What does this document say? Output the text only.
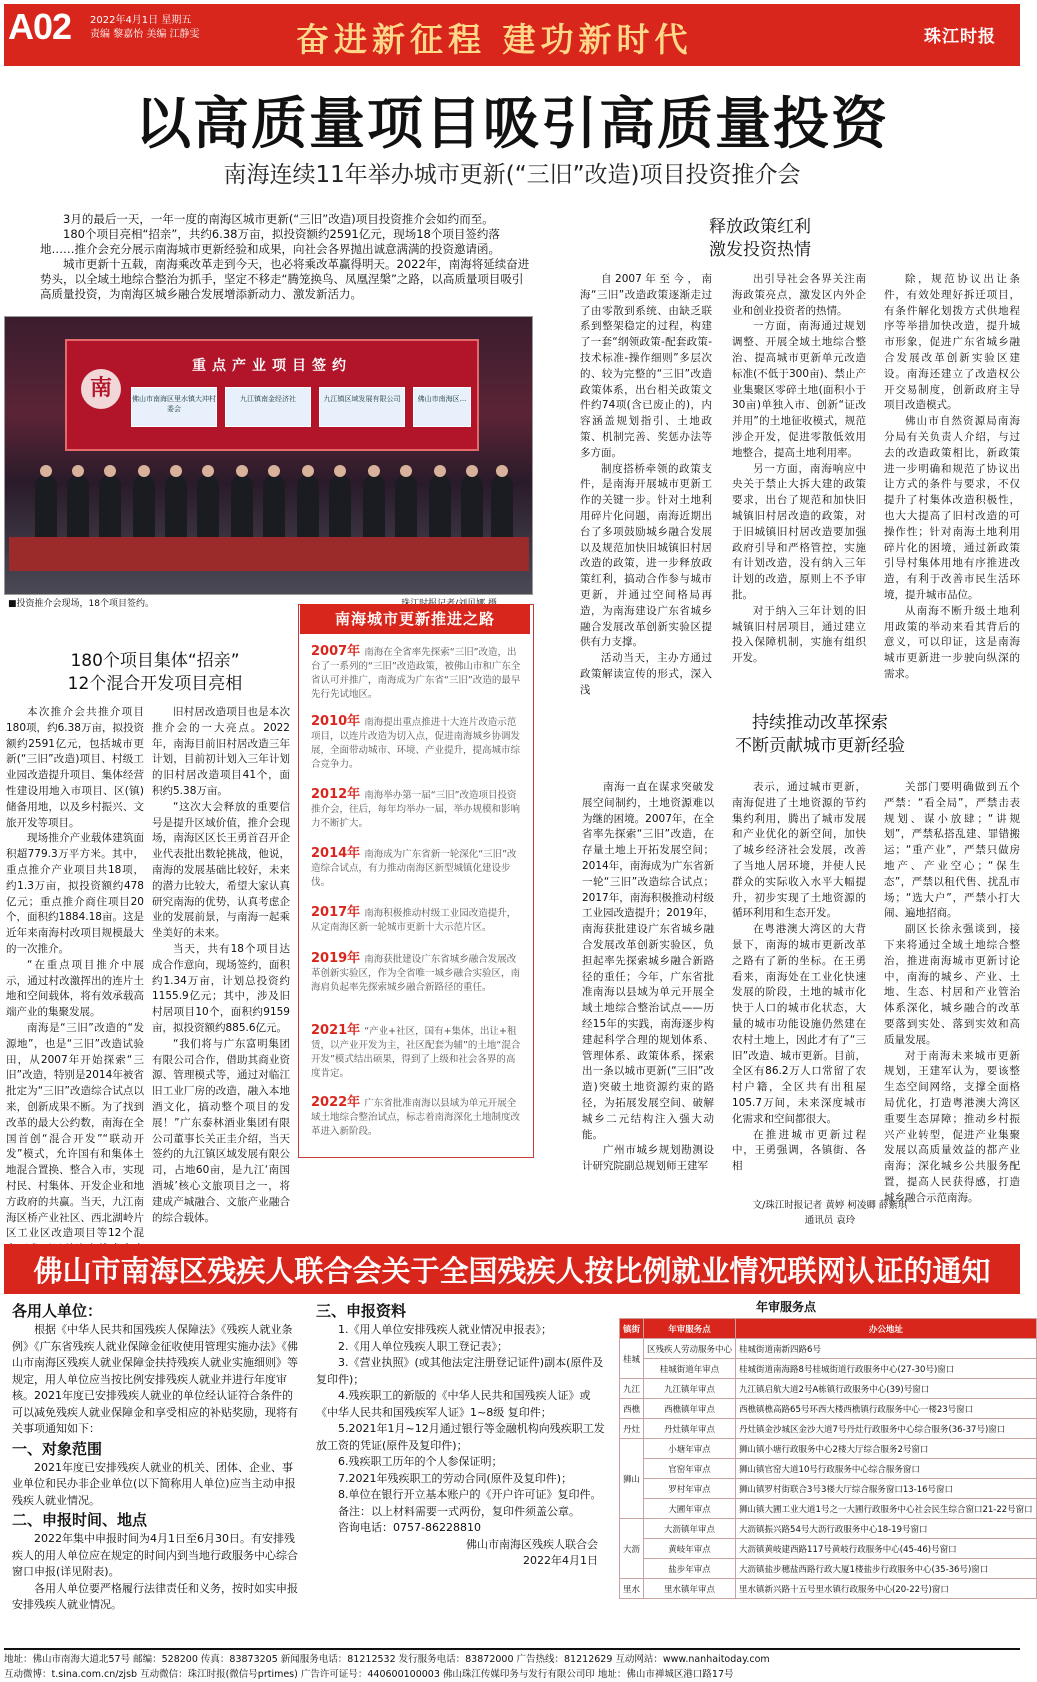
A02 2022年4月1日 星期五
责编 黎嘉怡 美编 江静雯	奋进新征程 建功新时代	珠江时报
以高质量项目吸引高质量投资
南海连续11年举办城市更新(“三旧”改造)项目投资推介会

3月的最后一天，一年一度的南海区城市更新(“三旧”改造)项目投资推介会如约而至。

180个项目亮相“招亲”，共约6.38万亩，拟投资额约2591亿元，现场18个项目签约落地……推介会充分展示南海城市更新经验和成果，向社会各界抛出诚意满满的投资邀请函。

城市更新十五载，南海乘改革走到今天，也必将乘改革赢得明天。2022年，南海将延续奋进势头，以全域土地综合整治为抓手，坚定不移走“腾笼换鸟、凤凰涅槃”之路，以高质量项目吸引高质量投资，为南海区城乡融合发展增添新动力、激发新活力。

南
重点产业项目签约
佛山市南海区里水镇大冲村委会
九江镇南金经济社	九江镇区域发展有限公司	佛山市南海区...
■投资推介会现场，18个项目签约。
释放政策红利
激发投资热情

自2007年至今，南海“三旧”改造政策逐渐走过了由零散到系统、由缺乏联系到整架稳定的过程，构建了一套“纲领政策-配套政策-技术标准-操作细则”多层次的、较为完整的“三旧”改造政策体系，出台相关政策文件约74项(含已废止的)，内容涵盖规划指引、土地政策、机制完善、奖惩办法等多方面。

制度搭桥牵领的政策支件，是南海开展城市更新工作的关键一步。针对土地利用碎片化问题，南海近期出台了多项鼓励城乡融合发展以及规范加快旧城镇旧村居改造的政策，进一步释放政策红利，搞动合作参与城市更新，并通过空间格局再造，为南海建设广东省城乡融合发展改革创新实验区提供有力支撑。

活动当天，主办方通过政策解读宣传的形式，深入浅

出引导社会各界关注南海政策亮点，激发区内外企业和创业投资者的热情。

一方面，南海通过规划调整、开展全域土地综合整治、提高城市更新单元改造标准(不低于300亩)、禁止产业集聚区零碎土地(面积小于30亩)单独入市、创新“证改并用”的土地征收模式，规范涉企开发，促进零散低效用地整合，提高土地利用率。

另一方面，南海响应中央关于禁止大拆大建的政策要求，出台了规范和加快旧城镇旧村居改造的政策，对于旧城镇旧村居改造要加强政府引导和严格管控，实施有计划改造，没有纳入三年计划的改造，原则上不予审批。

对于纳入三年计划的旧城镇旧村居项目，通过建立投入保障机制，实施有组织开发。

除，规范协议出让条件，有效处理好拆迁项目，有条件解化划拨方式供地程序等举措加快改造，提升城市形象，促进广东省城乡融合发展改革创新实验区建设。南海还建立了改造权公开交易制度，创新政府主导项目改造模式。

佛山市自然资源局南海分局有关负责人介绍，与过去的改造政策相比，新政策进一步明确和规范了协议出让方式的条件与要求，不仅提升了村集体改造积极性，也大大提高了旧村改造的可操作性；针对南海土地利用碎片化的困境，通过新政策引导村集体用地有序推进改造，有利于改善市民生活环境，提升城市品位。

从南海不断升级土地利用政策的举动来看其背后的意义，可以印证，这是南海城市更新进一步驶向纵深的需求。

180个项目集体“招亲”
12个混合开发项目亮相

本次推介会共推介项目180项，约6.38万亩，拟投资额约2591亿元，包括城市更新(“三旧”改造)项目、村级工业园改造提升项目、集体经营性建设用地入市项目、区(镇)储备用地，以及乡村振兴、文旅开发等项目。

现场推介产业载体建筑面积超779.3万平方米。其中，重点推介产业项目共18项，约1.3万亩，拟投资额约478亿元；重点推介商住项目20个，面积约1884.18亩。这是近年来南海村改项目规模最大的一次推介。

“在重点项目推介中展示，通过村改激挥出的连片土地和空间载体，将有效承载高端产业的集聚发展。

南海是“三旧”改造的“发源地”，也是“三旧”改造试验田，从2007年开始探索“三旧”改造，特别是2014年被省批定为“三旧”改造综合试点以来，创新成果不断。为了找到改革的最大公约数，南海在全国首创“混合开发”“联动开发”模式，允许国有和集体土地混合置换、整合入市，实现村民、村集体、开发企业和地方政府的共赢。当天，九江南海区桥产业社区、西北湖岭片区工业区改造项目等12个混

旧村居改造项目也是本次推介会的一大亮点。2022年，南海目前旧村居改造三年计划，目前初计划入三年计划的旧村居改造项目41个，面积约5.38万亩。

“这次大会释放的重要信号是提升区域价值，推介会现场，南海区区长王勇首召开企业代表批出数轮挑战，他说，南海的发展基础比较好，未来的潜力比较大，希望大家认真研究南海的优势，认真考虑企业的发展前景，与南海一起乘坐美好的未来。

当天，共有18个项目达成合作意向，现场签约，面积约1.34万亩，计划总投资约1155.9亿元；其中，涉及旧村居项目10个，面积约9159亩，拟投资额约885.6亿元。

“我们将与广东富明集团有限公司合作，借助其商业资源、管理模式等，通过对临江旧工业厂房的改造，融入本地酒文化，搞动整个项目的发展！”广东泰林酒业集团有限公司董事长关正圭介绍，当天签约的九江镇区域发展有限公司，占地60亩，是九江‘南国酒城’核心文旅项目之一，将建成产城融合、文旅产业融合的综合载体。

2007年 南海在全省率先探索“三旧”改造，出台了一系列的“三旧”改造政策，被佛山市和广东全省认可并推广，南海成为广东省“三旧”改造的最早先行先试地区。
2010年 南海提出重点推进十大连片改造示范项目，以连片改造为切入点，促进南海城乡协调发展，全面带动城市、环境、产业提升，提高城市综合竞争力。
2012年 南海举办第一届“三旧”改造项目投资推介会，往后，每年均举办一届，举办规模和影响力不断扩大。
2014年 南海成为广东省新一轮深化“三旧”改造综合试点，有力推动南海区新型城镇化建设步伐。
2017年 南海积极推动村级工业园改造提升，从定南海区新一轮城市更新十大示范片区。
2019年 南海获批建设广东省城乡融合发展改革创新实验区，作为全省唯一城乡融合实验区，南海肩负起率先探索城乡融合新路径的重任。
2021年 “产业+社区，国有+集体，出让+租赁，以产业开发为主，社区配套为辅”的土地“混合开发”模式结出硕果，得到了上级和社会各界的高度肯定。
2022年 广东省批准南海以县域为单元开展全域土地综合整治试点，标志着南海深化土地制度改革进入新阶段。
南海城市更新推进之路
持续推动改革探索
不断贡献城市更新经验

南海一直在谋求突破发展空间制约，土地资源难以为继的困境。2007年，在全省率先探索“三旧”改造，在存量土地上开拓发展空间；2014年，南海成为广东省新一轮“三旧”改造综合试点；2017年，南海积极推动村级工业园改造提升；2019年，南海获批建设广东省城乡融合发展改革创新实验区，负担起率先探索城乡融合新路径的重任；今年，广东省批准南海以县域为单元开展全域土地综合整治试点——历经15年的实践，南海逐步构建起科学合理的规划体系、管理体系、政策体系，探索出一条以城市更新(“三旧”改造)突破土地资源约束的路径，为拓展发展空间、破解城乡二元结构注入强大动能。

广州市城乡规划勘测设计研究院副总规划师王建军

表示，通过城市更新，南海促进了土地资源的节约集约利用，腾出了城市发展和产业优化的新空间，加快了城乡经济社会发展，改善了当地人居环境，并使人民群众的实际收入水平大幅提升，初步实现了土地资源的循环利用和生态开发。

在粤港澳大湾区的大背景下，南海的城市更新改革之路有了新的坐标。在王勇看来，南海处在工业化快速发展的阶段，土地的城市化快于人口的城市化状态，大量的城市功能设施仍然建在农村土地上，因此才有了“三旧”改造、城市更新。目前，全区有86.2万人口常留了农村户籍，全区共有出租屋105.7万间，未来深度城市化需求和空间都很大。

在推进城市更新过程中，王勇强调，各镇街、各相

关部门要明确做到五个严禁：“看全局”，严禁击表规划、谋小放肆；“讲规划”，严禁私搭乱建、罪错搬运；“重产业”，严禁只做房地产、产业空心；“保生态”，严禁以租代售、扰乱市场；“选大户”，严禁小打大闹、遍地招商。

副区长徐永强谈到，接下来将通过全域土地综合整治，推进南海城市更新讨论中，南海的城乡、产业、土地、生态、村居和产业管治体系深化，城乡融合的改革要落到实处、落到实效和高质量发展。

对于南海未来城市更新规划，王建军认为，要该整生态空间网络，支撑全面格局优化，打造粤港澳大湾区重要生态屏障；推动乡村振兴产业转型，促进产业集聚发展以高质量效益的都产业南海；深化城乡公共服务配置，提高人民获得感，打造城乡融合示范南海。

文/珠江时报记者 黄婷 柯凌卿 薛紫琪
通讯员 袁玲
佛山市南海区残疾人联合会关于全国残疾人按比例就业情况联网认证的通知
各用人单位：

根据《中华人民共和国残疾人保障法》《残疾人就业条例》《广东省残疾人就业保障金征收使用管理实施办法》《佛山市南海区残疾人就业保障金扶持残疾人就业实施细则》等规定，用人单位应当按比例安排残疾人就业并进行年度审核。2021年度已安排残疾人就业的单位经认证符合条件的可以减免残疾人就业保障金和享受相应的补贴奖励，现将有关事项通知如下：

一、对象范围

2021年度已安排残疾人就业的机关、团体、企业、事业单位和民办非企业单位(以下简称用人单位)应当主动申报残疾人就业情况。

二、申报时间、地点

2022年集中申报时间为4月1日至6月30日。有安排残疾人的用人单位应在规定的时间内到当地行政服务中心综合窗口申报(详见附表)。

各用人单位要严格履行法律责任和义务，按时如实申报安排残疾人就业情况。

三、申报资料

1.《用人单位安排残疾人就业情况申报表》；

2.《用人单位残疾人职工登记表》；

3.《营业执照》(或其他法定注册登记证件)副本(原件及复印件)；

4.残疾职工的新版的《中华人民共和国残疾人证》或《中华人民共和国残疾军人证》1~8级 复印件；

5.2021年1月~12月通过银行等金融机构向残疾职工发放工资的凭证(原件及复印件)；

6.残疾职工历年的个人参保证明；

7.2021年残疾职工的劳动合同(原件及复印件)；

8.单位在银行开立基本账户的《开户许可证》复印件。

备注：以上材料需要一式两份，复印件须盖公章。

咨询电话：0757-86228810

佛山市南海区残疾人联合会
2022年4月1日
年审服务点
镇街	年审服务点	办公地址
桂城	区残疾人劳动服务中心	桂城街道南新四路6号
	桂城街道年审点	桂城街道南海路8号桂城街道行政服务中心(27-30号)窗口
九江	九江镇年审点	九江镇启航大道2号A栋镇行政服务中心(39)号窗口
西樵	西樵镇年审点	西樵镇樵高路65号环西大楼西樵镇行政服务中心一楼23号窗口
丹灶	丹灶镇年审点	丹灶镇金沙城区金沙大道7号丹灶行政服务中心综合服务(36-37号)窗口
狮山	小塘年审点	狮山镇小塘行政服务中心2楼大厅综合服务2号窗口
	官窑年审点	狮山镇官窑大道10号行政服务中心综合服务窗口
	罗村年审点	狮山镇罗村街联合3号3楼大厅综合服务窗口13-16号窗口
	大圃年审点	狮山镇大圃工业大道1号之一大圃行政服务中心社会民生综合窗口21-22号窗口
大沥	大沥镇年审点	大沥镇振兴路54号大沥行政服务中心18-19号窗口
	黄岐年审点	大沥镇黄岐建西路117号黄岐行政服务中心(45-46)号窗口
	盐步年审点	大沥镇盐步穗盐西路行政大厦1楼盐步行政服务中心(35-36号)窗口
里水	里水镇年审点	里水镇新兴路十五号里水镇行政服务中心(20-22号)窗口
地址：佛山市南海大道北57号 邮编：528200 传真：83873205 新闻服务电话：81212532 发行服务电话：83872000 广告热线：81212629 互动网站：www.nanhaitoday.com
互动微博：t.sina.com.cn/zjsb 互动微信：珠江时报(微信号prtimes) 广告许可证号：440600100003 佛山珠江传媒印务与发行有限公司印 地址：佛山市禅城区港口路17号
